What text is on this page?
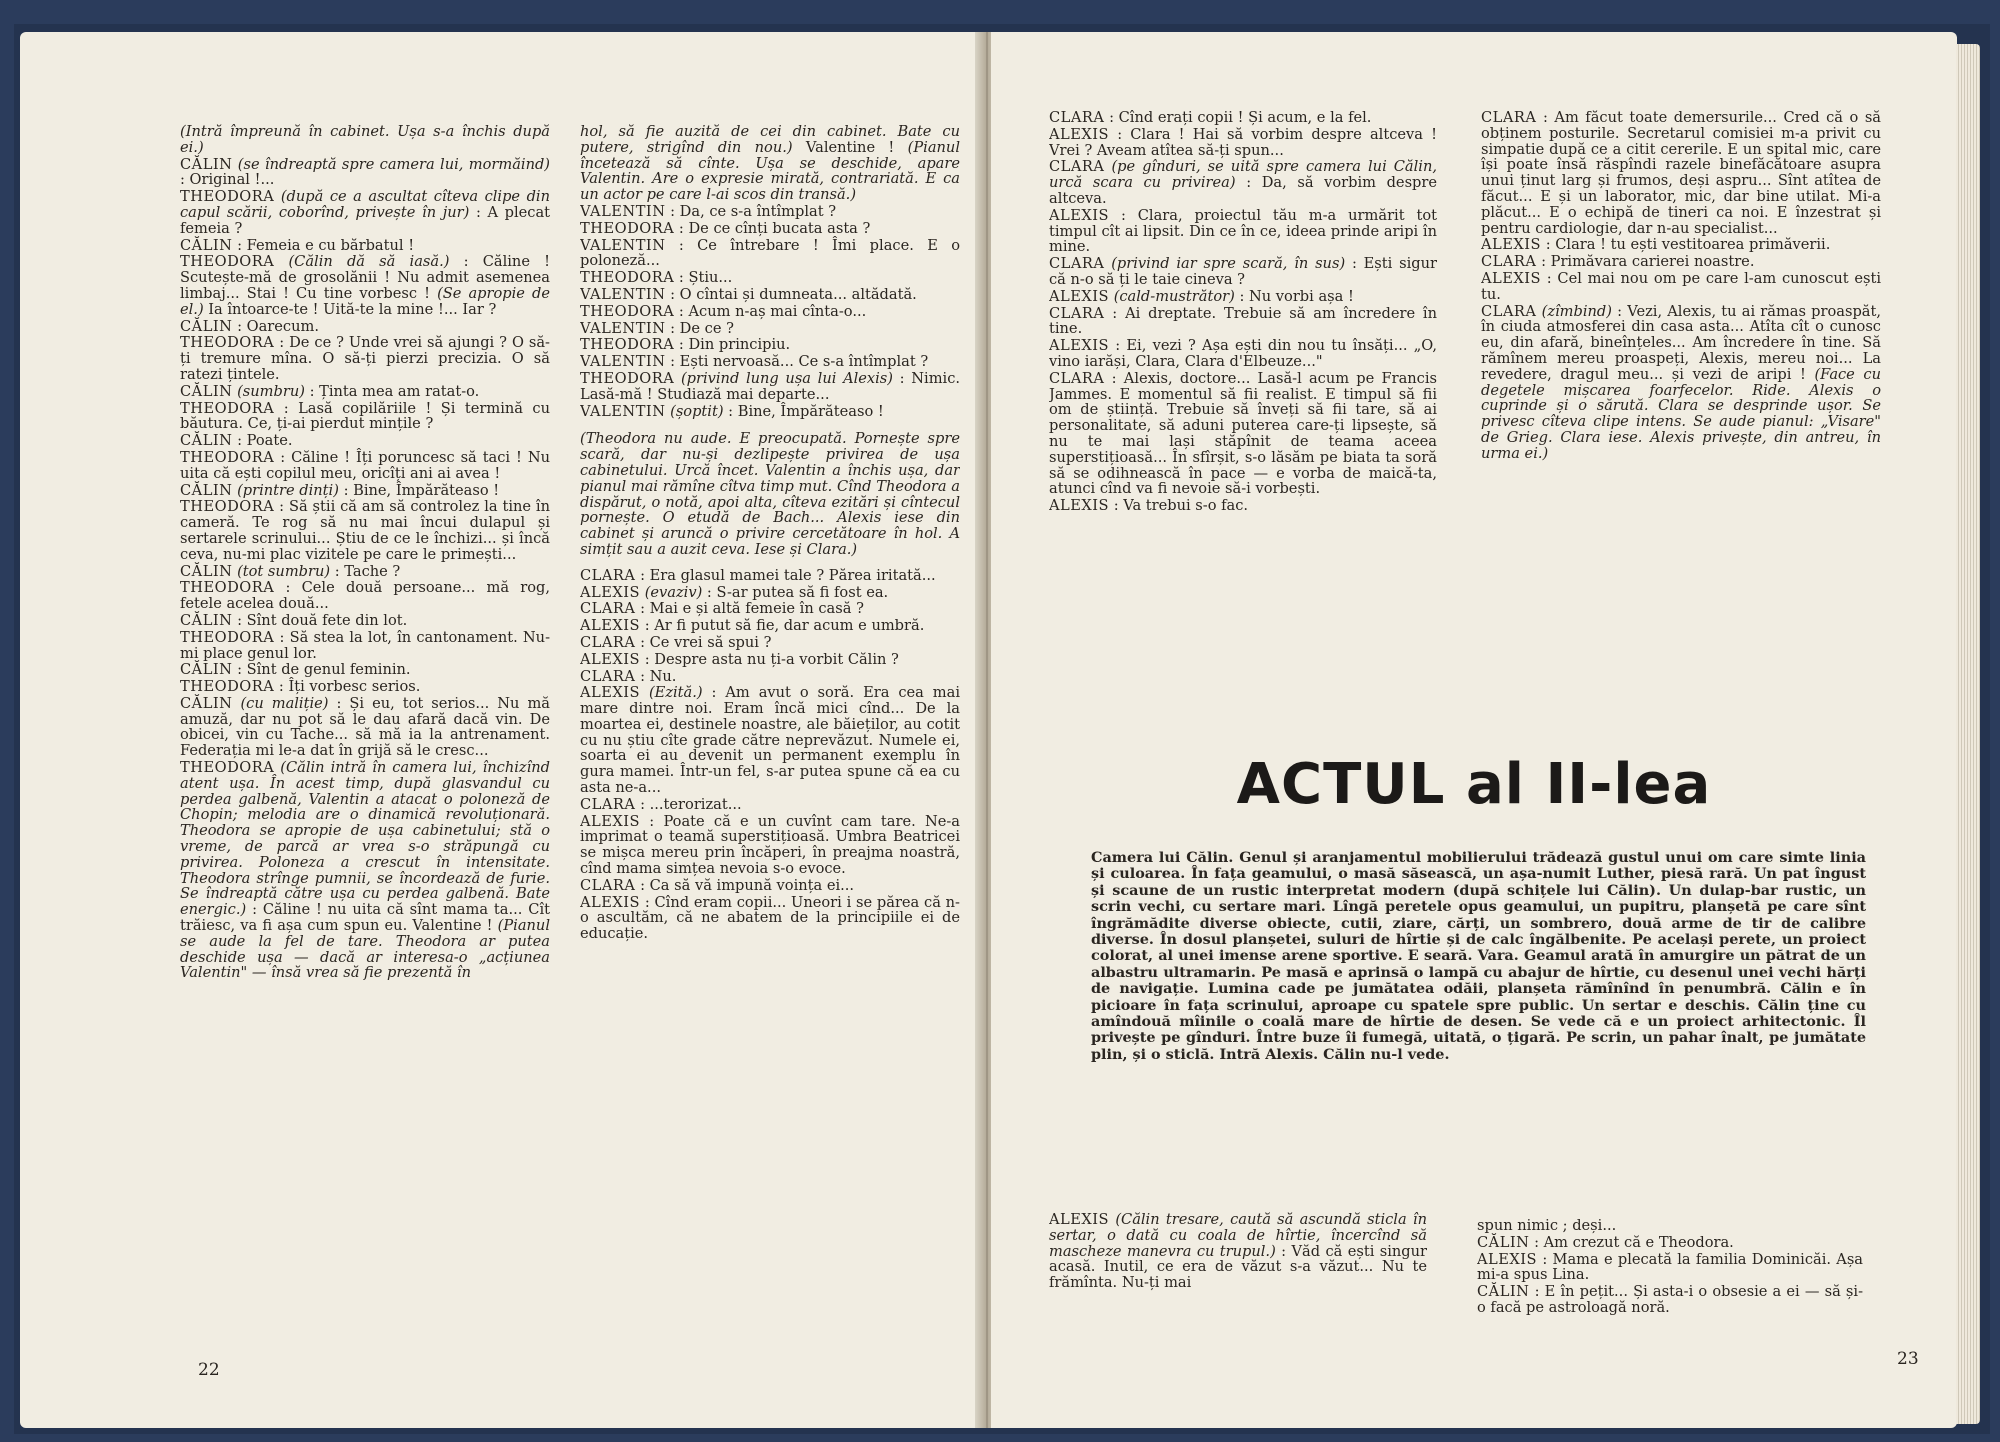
(Intră împreună în cabinet. Ușa s-a închis după ei.)

CĂLIN (se îndreaptă spre camera lui, mormăind) : Original !...

THEODORA (după ce a ascultat cîteva clipe din capul scării, coborînd, privește în jur) : A plecat femeia ?

CĂLIN : Femeia e cu bărbatul !

THEODORA (Călin dă să iasă.) : Căline ! Scutește-mă de grosolănii ! Nu admit asemenea limbaj... Stai ! Cu tine vorbesc ! (Se apropie de el.) Ia întoarce-te ! Uită-te la mine !... Iar ?

CĂLIN : Oarecum.

THEODORA : De ce ? Unde vrei să ajungi ? O să-ți tremure mîna. O să-ți pierzi precizia. O să ratezi țintele.

CĂLIN (sumbru) : Ținta mea am ratat-o.

THEODORA : Lasă copilăriile ! Și termină cu băutura. Ce, ți-ai pierdut mințile ?

CĂLIN : Poate.

THEODORA : Căline ! Îți poruncesc să taci ! Nu uita că ești copilul meu, oricîți ani ai avea !

CĂLIN (printre dinți) : Bine, Împărăteaso !

THEODORA : Să știi că am să controlez la tine în cameră. Te rog să nu mai încui dulapul și sertarele scrinului... Știu de ce le închizi... și încă ceva, nu-mi plac vizitele pe care le primești...

CĂLIN (tot sumbru) : Tache ?

THEODORA : Cele două persoane... mă rog, fetele acelea două...

CĂLIN : Sînt două fete din lot.

THEODORA : Să stea la lot, în cantonament. Nu-mi place genul lor.

CĂLIN : Sînt de genul feminin.

THEODORA : Îți vorbesc serios.

CĂLIN (cu maliție) : Și eu, tot serios... Nu mă amuză, dar nu pot să le dau afară dacă vin. De obicei, vin cu Tache... să mă ia la antrenament. Federația mi le-a dat în grijă să le cresc...

THEODORA (Călin intră în camera lui, închizînd atent ușa. În acest timp, după glasvandul cu perdea galbenă, Valentin a atacat o poloneză de Chopin; melodia are o dinamică revoluționară. Theodora se apropie de ușa cabinetului; stă o vreme, de parcă ar vrea s-o străpungă cu privirea. Poloneza a crescut în intensitate. Theodora strînge pumnii, se încordează de furie. Se îndreaptă către ușa cu perdea galbenă. Bate energic.) : Căline ! nu uita că sînt mama ta... Cît trăiesc, va fi așa cum spun eu. Valentine ! (Pianul se aude la fel de tare. Theodora ar putea deschide ușa — dacă ar interesa-o „acțiunea Valentin" — însă vrea să fie prezentă în

hol, să fie auzită de cei din cabinet. Bate cu putere, strigînd din nou.) Valentine ! (Pianul încetează să cînte. Ușa se deschide, apare Valentin. Are o expresie mirată, contrariată. E ca un actor pe care l-ai scos din transă.)

VALENTIN : Da, ce s-a întîmplat ?

THEODORA : De ce cînți bucata asta ?

VALENTIN : Ce întrebare ! Îmi place. E o poloneză...

THEODORA : Știu...

VALENTIN : O cîntai și dumneata... altădată.

THEODORA : Acum n-aș mai cînta-o...

VALENTIN : De ce ?

THEODORA : Din principiu.

VALENTIN : Ești nervoasă... Ce s-a întîmplat ?

THEODORA (privind lung ușa lui Alexis) : Nimic. Lasă-mă ! Studiază mai departe...

VALENTIN (șoptit) : Bine, Împărăteaso !

(Theodora nu aude. E preocupată. Pornește spre scară, dar nu-și dezlipește privirea de ușa cabinetului. Urcă încet. Valentin a închis ușa, dar pianul mai rămîne cîtva timp mut. Cînd Theodora a dispărut, o notă, apoi alta, cîteva ezitări și cîntecul pornește. O etudă de Bach... Alexis iese din cabinet și aruncă o privire cercetătoare în hol. A simțit sau a auzit ceva. Iese și Clara.)

CLARA : Era glasul mamei tale ? Părea iritată...

ALEXIS (evaziv) : S-ar putea să fi fost ea.

CLARA : Mai e și altă femeie în casă ?

ALEXIS : Ar fi putut să fie, dar acum e umbră.

CLARA : Ce vrei să spui ?

ALEXIS : Despre asta nu ți-a vorbit Călin ?

CLARA : Nu.

ALEXIS (Ezită.) : Am avut o soră. Era cea mai mare dintre noi. Eram încă mici cînd... De la moartea ei, destinele noastre, ale băieților, au cotit cu nu știu cîte grade către neprevăzut. Numele ei, soarta ei au devenit un permanent exemplu în gura mamei. Într-un fel, s-ar putea spune că ea cu asta ne-a...

CLARA : ...terorizat...

ALEXIS : Poate că e un cuvînt cam tare. Ne-a imprimat o teamă superstițioasă. Umbra Beatricei se mișca mereu prin încăperi, în preajma noastră, cînd mama simțea nevoia s-o evoce.

CLARA : Ca să vă impună voința ei...

ALEXIS : Cînd eram copii... Uneori i se părea că n-o ascultăm, că ne abatem de la principiile ei de educație.

22

CLARA : Cînd erați copii ! Și acum, e la fel.

ALEXIS : Clara ! Hai să vorbim despre altceva ! Vrei ? Aveam atîtea să-ți spun...

CLARA (pe gînduri, se uită spre camera lui Călin, urcă scara cu privirea) : Da, să vorbim despre altceva.

ALEXIS : Clara, proiectul tău m-a urmărit tot timpul cît ai lipsit. Din ce în ce, ideea prinde aripi în mine.

CLARA (privind iar spre scară, în sus) : Ești sigur că n-o să ți le taie cineva ?

ALEXIS (cald-mustrător) : Nu vorbi așa !

CLARA : Ai dreptate. Trebuie să am încredere în tine.

ALEXIS : Ei, vezi ? Așa ești din nou tu însăți... „O, vino iarăși, Clara, Clara d'Elbeuze..."

CLARA : Alexis, doctore... Lasă-l acum pe Francis Jammes. E momentul să fii realist. E timpul să fii om de știință. Trebuie să înveți să fii tare, să ai personalitate, să aduni puterea care-ți lipsește, să nu te mai lași stăpînit de teama aceea superstițioasă... În sfîrșit, s-o lăsăm pe biata ta soră să se odihnească în pace — e vorba de maică-ta, atunci cînd va fi nevoie să-i vorbești.

ALEXIS : Va trebui s-o fac.

CLARA : Am făcut toate demersurile... Cred că o să obținem posturile. Secretarul comisiei m-a privit cu simpatie după ce a citit cererile. E un spital mic, care își poate însă răspîndi razele binefăcătoare asupra unui ținut larg și frumos, deși aspru... Sînt atîtea de făcut... E și un laborator, mic, dar bine utilat. Mi-a plăcut... E o echipă de tineri ca noi. E înzestrat și pentru cardiologie, dar n-au specialist...

ALEXIS : Clara ! tu ești vestitoarea primăverii.

CLARA : Primăvara carierei noastre.

ALEXIS : Cel mai nou om pe care l-am cunoscut ești tu.

CLARA (zîmbind) : Vezi, Alexis, tu ai rămas proaspăt, în ciuda atmosferei din casa asta... Atîta cît o cunosc eu, din afară, bineînțeles... Am încredere în tine. Să rămînem mereu proaspeți, Alexis, mereu noi... La revedere, dragul meu... și vezi de aripi ! (Face cu degetele mișcarea foarfecelor. Ride. Alexis o cuprinde și o sărută. Clara se desprinde ușor. Se privesc cîteva clipe intens. Se aude pianul: „Visare" de Grieg. Clara iese. Alexis privește, din antreu, în urma ei.)

ACTUL al II-lea
Camera lui Călin. Genul și aranjamentul mobilierului trădează gustul unui om care simte linia și culoarea. În fața geamului, o masă săsească, un așa-numit Luther, piesă rară. Un pat îngust și scaune de un rustic interpretat modern (după schițele lui Călin). Un dulap-bar rustic, un scrin vechi, cu sertare mari. Lîngă peretele opus geamului, un pupitru, planșetă pe care sînt îngrămădite diverse obiecte, cutii, ziare, cărți, un sombrero, două arme de tir de calibre diverse. În dosul planșetei, suluri de hîrtie și de calc îngălbenite. Pe același perete, un proiect colorat, al unei imense arene sportive. E seară. Vara. Geamul arată în amurgire un pătrat de un albastru ultramarin. Pe masă e aprinsă o lampă cu abajur de hîrtie, cu desenul unei vechi hărți de navigație. Lumina cade pe jumătatea odăii, planșeta rămînînd în penumbră. Călin e în picioare în fața scrinului, aproape cu spatele spre public. Un sertar e deschis. Călin ține cu amîndouă mîinile o coală mare de hîrtie de desen. Se vede că e un proiect arhitectonic. Îl privește pe gînduri. Între buze îi fumegă, uitată, o țigară. Pe scrin, un pahar înalt, pe jumătate plin, și o sticlă. Intră Alexis. Călin nu-l vede.

ALEXIS (Călin tresare, caută să ascundă sticla în sertar, o dată cu coala de hîrtie, încercînd să mascheze manevra cu trupul.) : Văd că ești singur acasă. Inutil, ce era de văzut s-a văzut... Nu te frămînta. Nu-ți mai

spun nimic ; deși...

CĂLIN : Am crezut că e Theodora.

ALEXIS : Mama e plecată la familia Dominicăi. Așa mi-a spus Lina.

CĂLIN : E în pețit... Și asta-i o obsesie a ei — să și-o facă pe astroloagă noră.

23
